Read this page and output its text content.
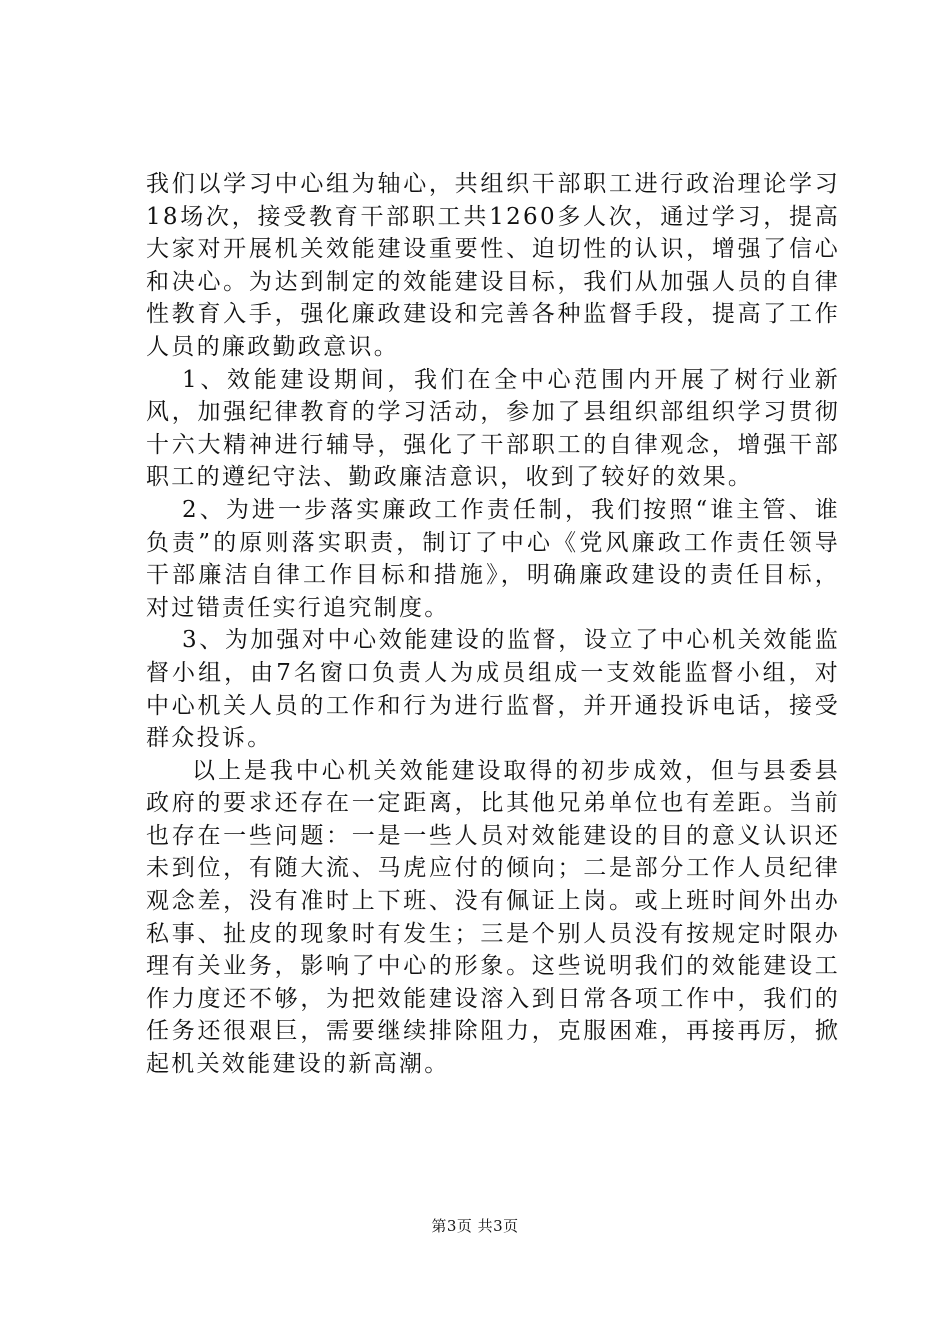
我们以学习中心组为轴心，共组织干部职工进行政治理论学习18场次，接受教育干部职工共1260多人次，通过学习，提高大家对开展机关效能建设重要性、迫切性的认识，增强了信心和决心。为达到制定的效能建设目标，我们从加强人员的自律性教育入手，强化廉政建设和完善各种监督手段，提高了工作人员的廉政勤政意识。

1、效能建设期间，我们在全中心范围内开展了树行业新风，加强纪律教育的学习活动，参加了县组织部组织学习贯彻十六大精神进行辅导，强化了干部职工的自律观念，增强干部职工的遵纪守法、勤政廉洁意识，收到了较好的效果。

2、为进一步落实廉政工作责任制，我们按照“谁主管、谁负责”的原则落实职责，制订了中心《党风廉政工作责任领导干部廉洁自律工作目标和措施》，明确廉政建设的责任目标，对过错责任实行追究制度。

3、为加强对中心效能建设的监督，设立了中心机关效能监督小组，由7名窗口负责人为成员组成一支效能监督小组，对中心机关人员的工作和行为进行监督，并开通投诉电话，接受群众投诉。

以上是我中心机关效能建设取得的初步成效，但与县委县政府的要求还存在一定距离，比其他兄弟单位也有差距。当前也存在一些问题：一是一些人员对效能建设的目的意义认识还未到位，有随大流、马虎应付的倾向；二是部分工作人员纪律观念差，没有准时上下班、没有佩证上岗。或上班时间外出办私事、扯皮的现象时有发生；三是个别人员没有按规定时限办理有关业务，影响了中心的形象。这些说明我们的效能建设工作力度还不够，为把效能建设溶入到日常各项工作中，我们的任务还很艰巨，需要继续排除阻力，克服困难，再接再厉，掀起机关效能建设的新高潮。

第3页 共3页
